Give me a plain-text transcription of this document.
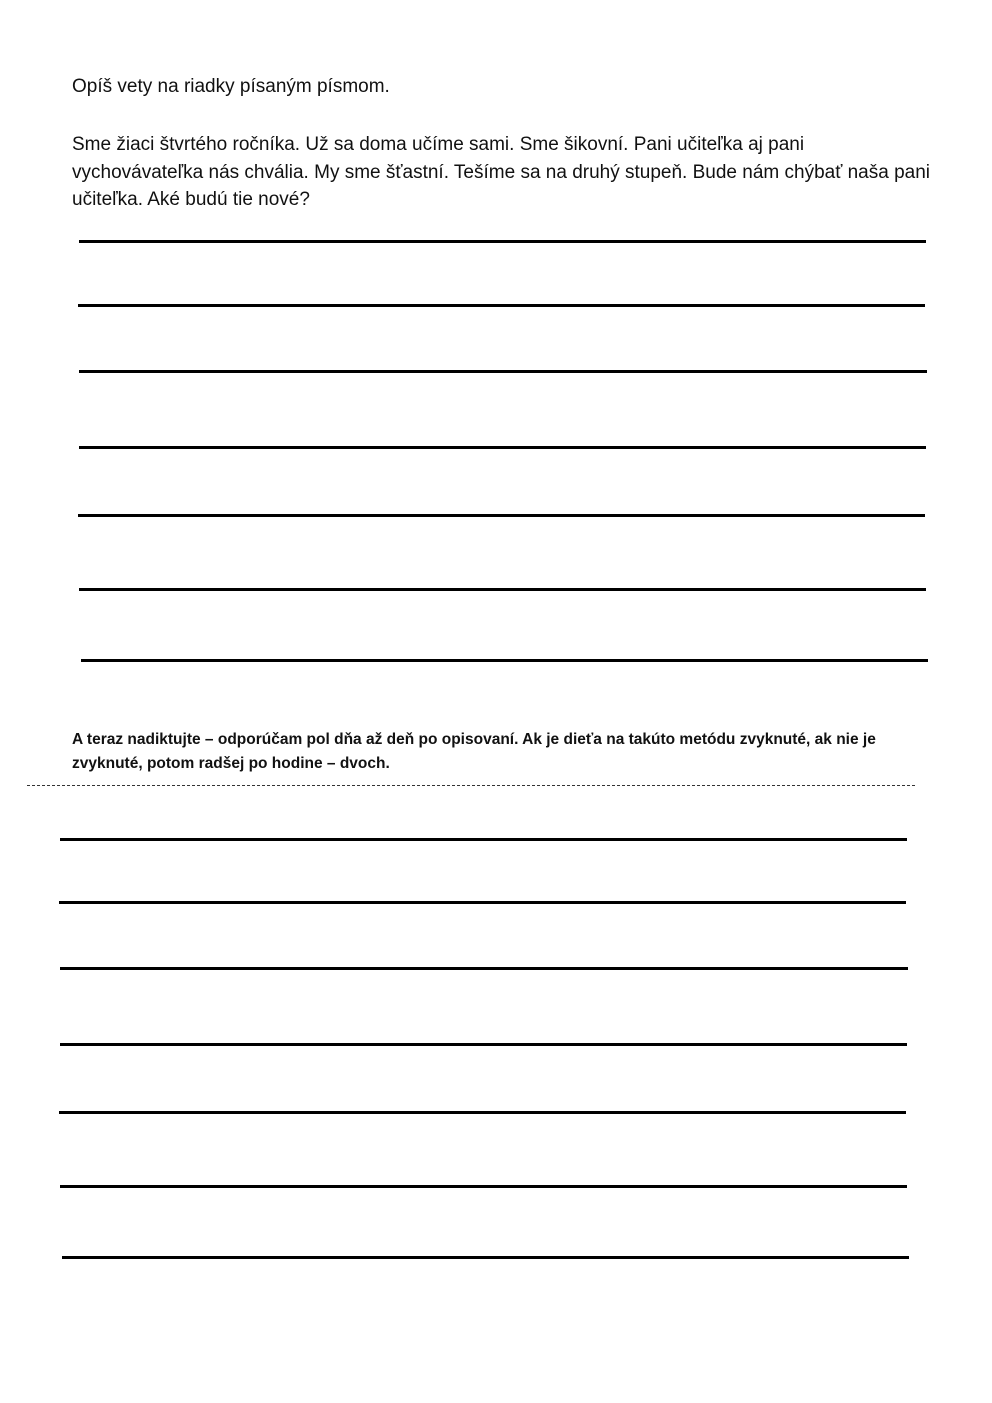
Opíš vety na riadky písaným písmom.

Sme žiaci štvrtého ročníka. Už sa doma učíme sami. Sme šikovní. Pani učiteľka aj pani vychovávateľka nás chvália. My sme šťastní. Tešíme sa na druhý stupeň. Bude nám chýbať naša pani učiteľka. Aké budú tie nové?

A teraz nadiktujte – odporúčam pol dňa až deň po opisovaní. Ak je dieťa na takúto metódu zvyknuté, ak nie je zvyknuté, potom radšej po hodine – dvoch.
